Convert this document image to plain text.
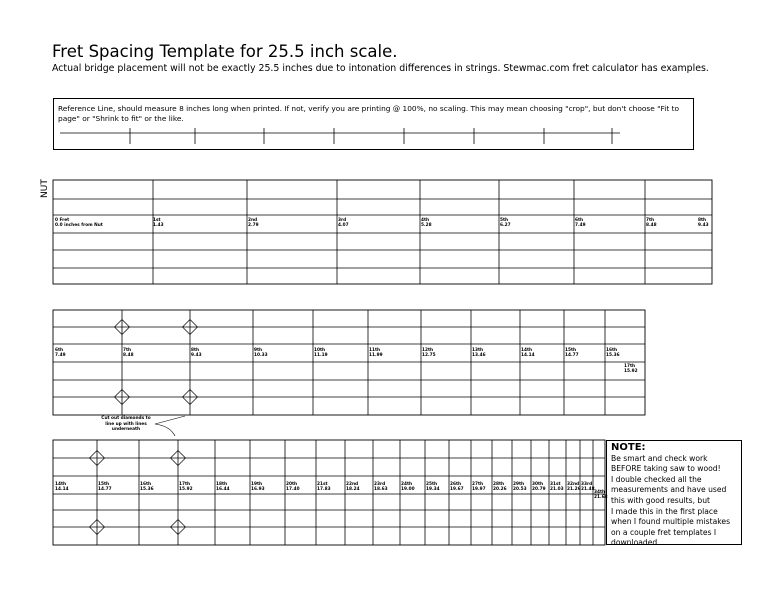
Fret Spacing Template for 25.5 inch scale.
Actual bridge placement will not be exactly 25.5 inches due to intonation differences in strings. Stewmac.com fret calculator has examples.
Reference Line, should measure 8 inches long when printed. If not, verify you are printing @ 100%, no scaling. This may mean choosing "crop", but don't choose "Fit to page" or "Shrink to fit" or the like.
NUT
0 Fret
0.0 inches from Nut
1st
1.43
2nd
2.79
3rd
4.07
4th
5.28
5th
6.27
6th
7.49
7th
8.48
8th
9.43
6th
7.49
7th
8.48
8th
9.43
9th
10.33
10th
11.19
11th
11.99
12th
12.75
13th
13.46
14th
14.14
15th
14.77
16th
15.36
17th
15.92
14th
14.14
15th
14.77
16th
15.36
17th
15.92
18th
16.44
19th
16.93
20th
17.40
21st
17.83
22nd
18.24
23rd
18.63
24th
19.00
25th
19.34
26th
19.67
27th
19.97
28th
20.26
29th
20.53
30th
20.79
31st
21.03
32nd
21.26
33rd
21.48
34th
21.68
Cut out diamonds to
line up with lines
underneath
NOTE:
Be smart and check work
BEFORE taking saw to wood!
I double checked all the
measurements and have used
this with good results, but
I made this in the first place
when I found multiple mistakes
on a couple fret templates I
downloaded.
